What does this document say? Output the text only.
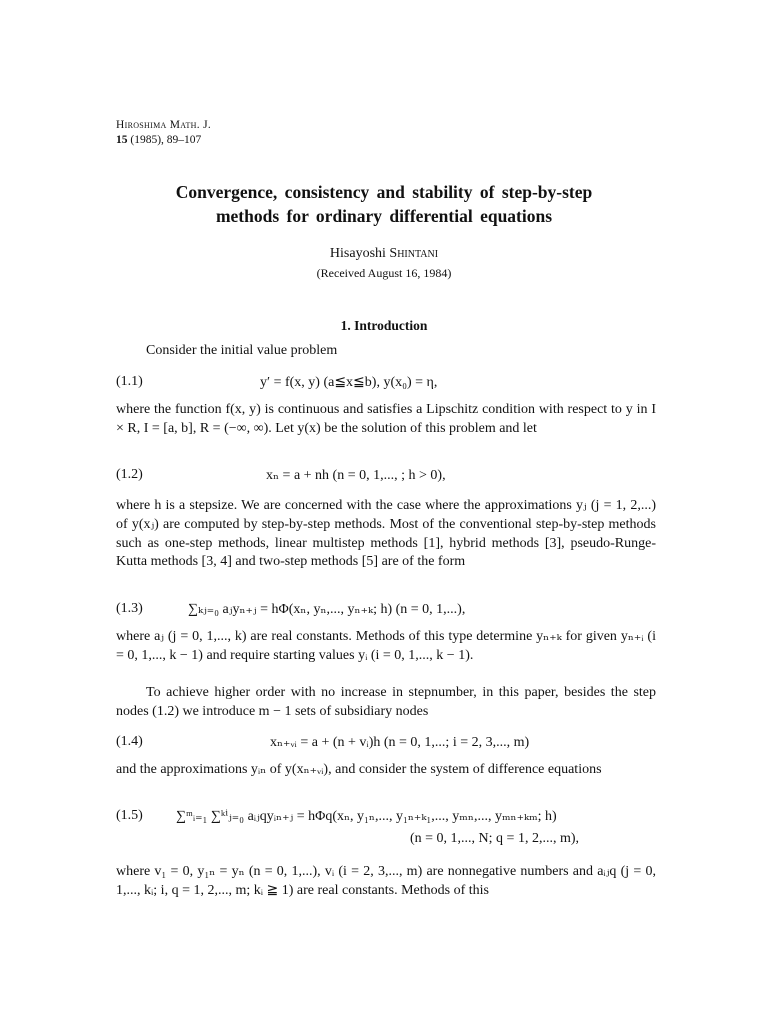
Hiroshima Math. J.
15 (1985), 89–107
Convergence, consistency and stability of step-by-step
methods for ordinary differential equations
Hisayoshi Shintani
(Received August 16, 1984)
1. Introduction
Consider the initial value problem
(1.1)	y′ = f(x, y) (a≦x≦b), y(x₀) = η,
where the function f(x, y) is continuous and satisfies a Lipschitz condition with respect to y in I × R, I = [a, b], R = (−∞, ∞). Let y(x) be the solution of this problem and let
(1.2)	xₙ = a + nh (n = 0, 1,..., ; h > 0),
where h is a stepsize. We are concerned with the case where the approximations yⱼ (j = 1, 2,...) of y(xⱼ) are computed by step-by-step methods. Most of the conventional step-by-step methods such as one-step methods, linear multistep methods [1], hybrid methods [3], pseudo-Runge-Kutta methods [3, 4] and two-step methods [5] are of the form
(1.3)	∑ₖⱼ₌₀ aⱼyₙ₊ⱼ = hΦ(xₙ, yₙ,..., yₙ₊ₖ; h) (n = 0, 1,...),
where aⱼ (j = 0, 1,..., k) are real constants. Methods of this type determine yₙ₊ₖ for given yₙ₊ᵢ (i = 0, 1,..., k − 1) and require starting values yᵢ (i = 0, 1,..., k − 1).
To achieve higher order with no increase in stepnumber, in this paper, besides the step nodes (1.2) we introduce m − 1 sets of subsidiary nodes
(1.4)	xₙ₊ᵥᵢ = a + (n + vᵢ)h (n = 0, 1,...; i = 2, 3,..., m)
and the approximations yᵢₙ of y(xₙ₊ᵥᵢ), and consider the system of difference equations
(1.5) ∑ᵐᵢ₌₁ ∑ᵏⁱⱼ₌₀ aᵢⱼqyᵢₙ₊ⱼ = hΦq(xₙ, y₁ₙ,..., y₁ₙ₊ₖ₁,..., yₘₙ,..., yₘₙ₊ₖₘ; h)
(n = 0, 1,..., N; q = 1, 2,..., m),
where v₁ = 0, y₁ₙ = yₙ (n = 0, 1,...), vᵢ (i = 2, 3,..., m) are nonnegative numbers and aᵢⱼq (j = 0, 1,..., kᵢ; i, q = 1, 2,..., m; kᵢ ≧ 1) are real constants. Methods of this
